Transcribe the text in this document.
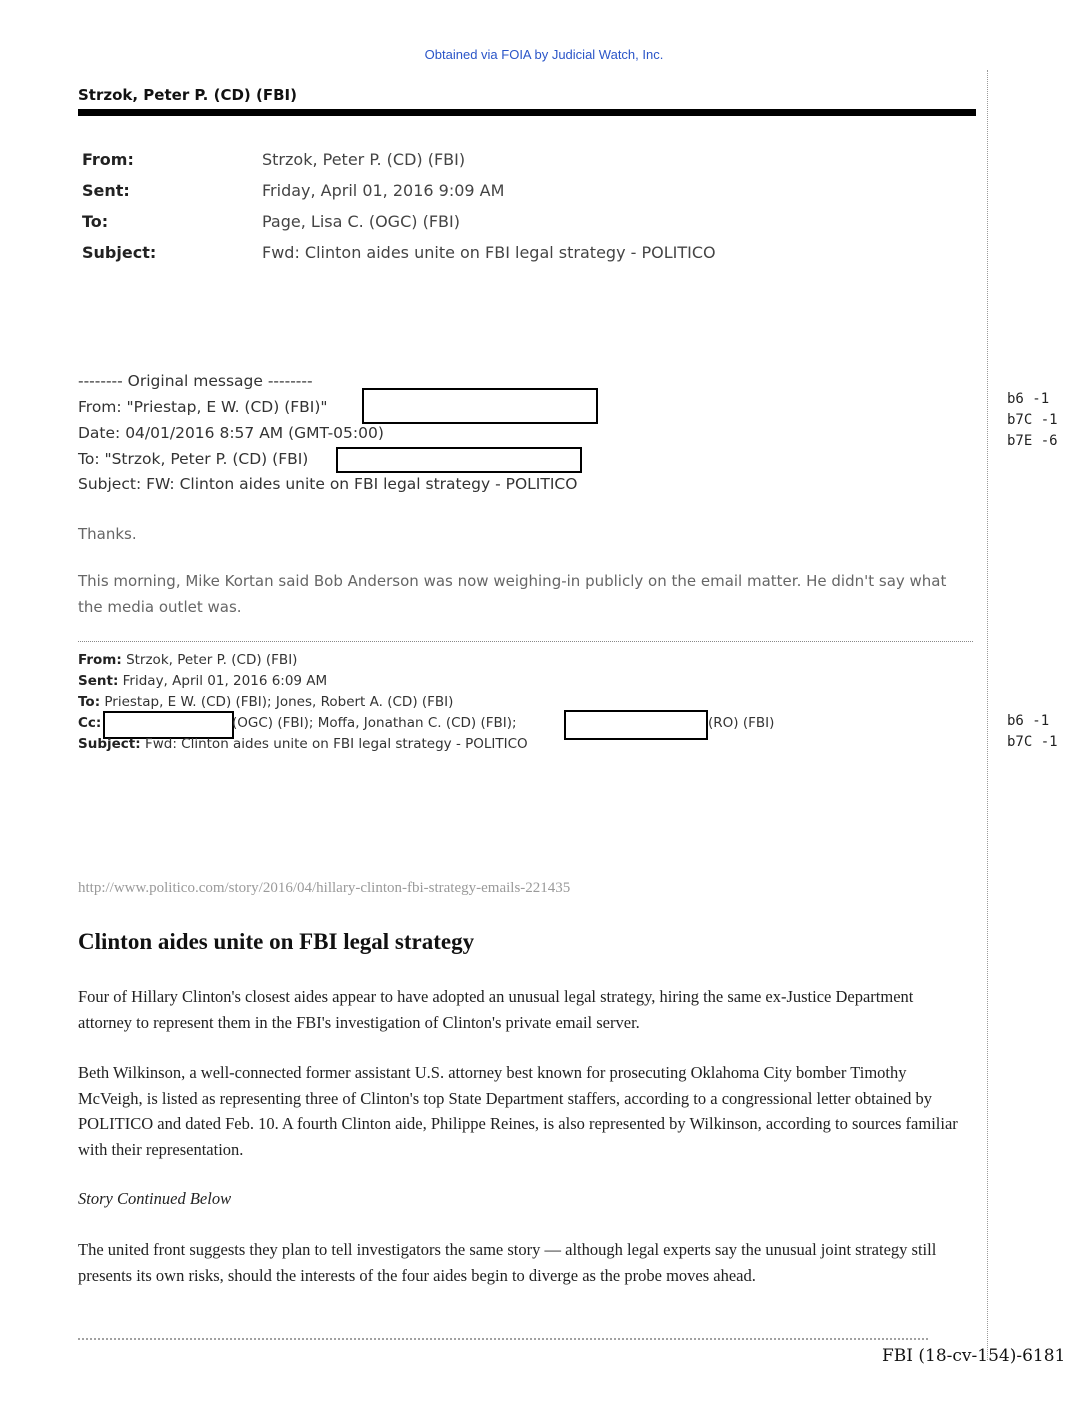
Obtained via FOIA by Judicial Watch, Inc.
Strzok, Peter P. (CD) (FBI)
From:	Strzok, Peter P. (CD) (FBI)
Sent:	Friday, April 01, 2016 9:09 AM
To:	Page, Lisa C. (OGC) (FBI)
Subject:	Fwd: Clinton aides unite on FBI legal strategy - POLITICO
-------- Original message --------
From: "Priestap, E W. (CD) (FBI)"
Date: 04/01/2016 8:57 AM (GMT-05:00)
To: "Strzok, Peter P. (CD) (FBI)
Subject: FW: Clinton aides unite on FBI legal strategy - POLITICO
b6 -1
b7C -1
b7E -6
Thanks.
This morning, Mike Kortan said Bob Anderson was now weighing-in publicly on the email matter. He didn't say what the media outlet was.
From: Strzok, Peter P. (CD) (FBI)
Sent: Friday, April 01, 2016 6:09 AM
To: Priestap, E W. (CD) (FBI); Jones, Robert A. (CD) (FBI)
Cc:	(OGC) (FBI); Moffa, Jonathan C. (CD) (FBI);	(RO) (FBI)
Subject: Fwd: Clinton aides unite on FBI legal strategy - POLITICO
b6 -1
b7C -1
http://www.politico.com/story/2016/04/hillary-clinton-fbi-strategy-emails-221435
Clinton aides unite on FBI legal strategy
Four of Hillary Clinton's closest aides appear to have adopted an unusual legal strategy, hiring the same ex-Justice Department attorney to represent them in the FBI's investigation of Clinton's private email server.
Beth Wilkinson, a well-connected former assistant U.S. attorney best known for prosecuting Oklahoma City bomber Timothy McVeigh, is listed as representing three of Clinton's top State Department staffers, according to a congressional letter obtained by POLITICO and dated Feb. 10. A fourth Clinton aide, Philippe Reines, is also represented by Wilkinson, according to sources familiar with their representation.
Story Continued Below
The united front suggests they plan to tell investigators the same story — although legal experts say the unusual joint strategy still presents its own risks, should the interests of the four aides begin to diverge as the probe moves ahead.
FBI (18-cv-154)-6181
